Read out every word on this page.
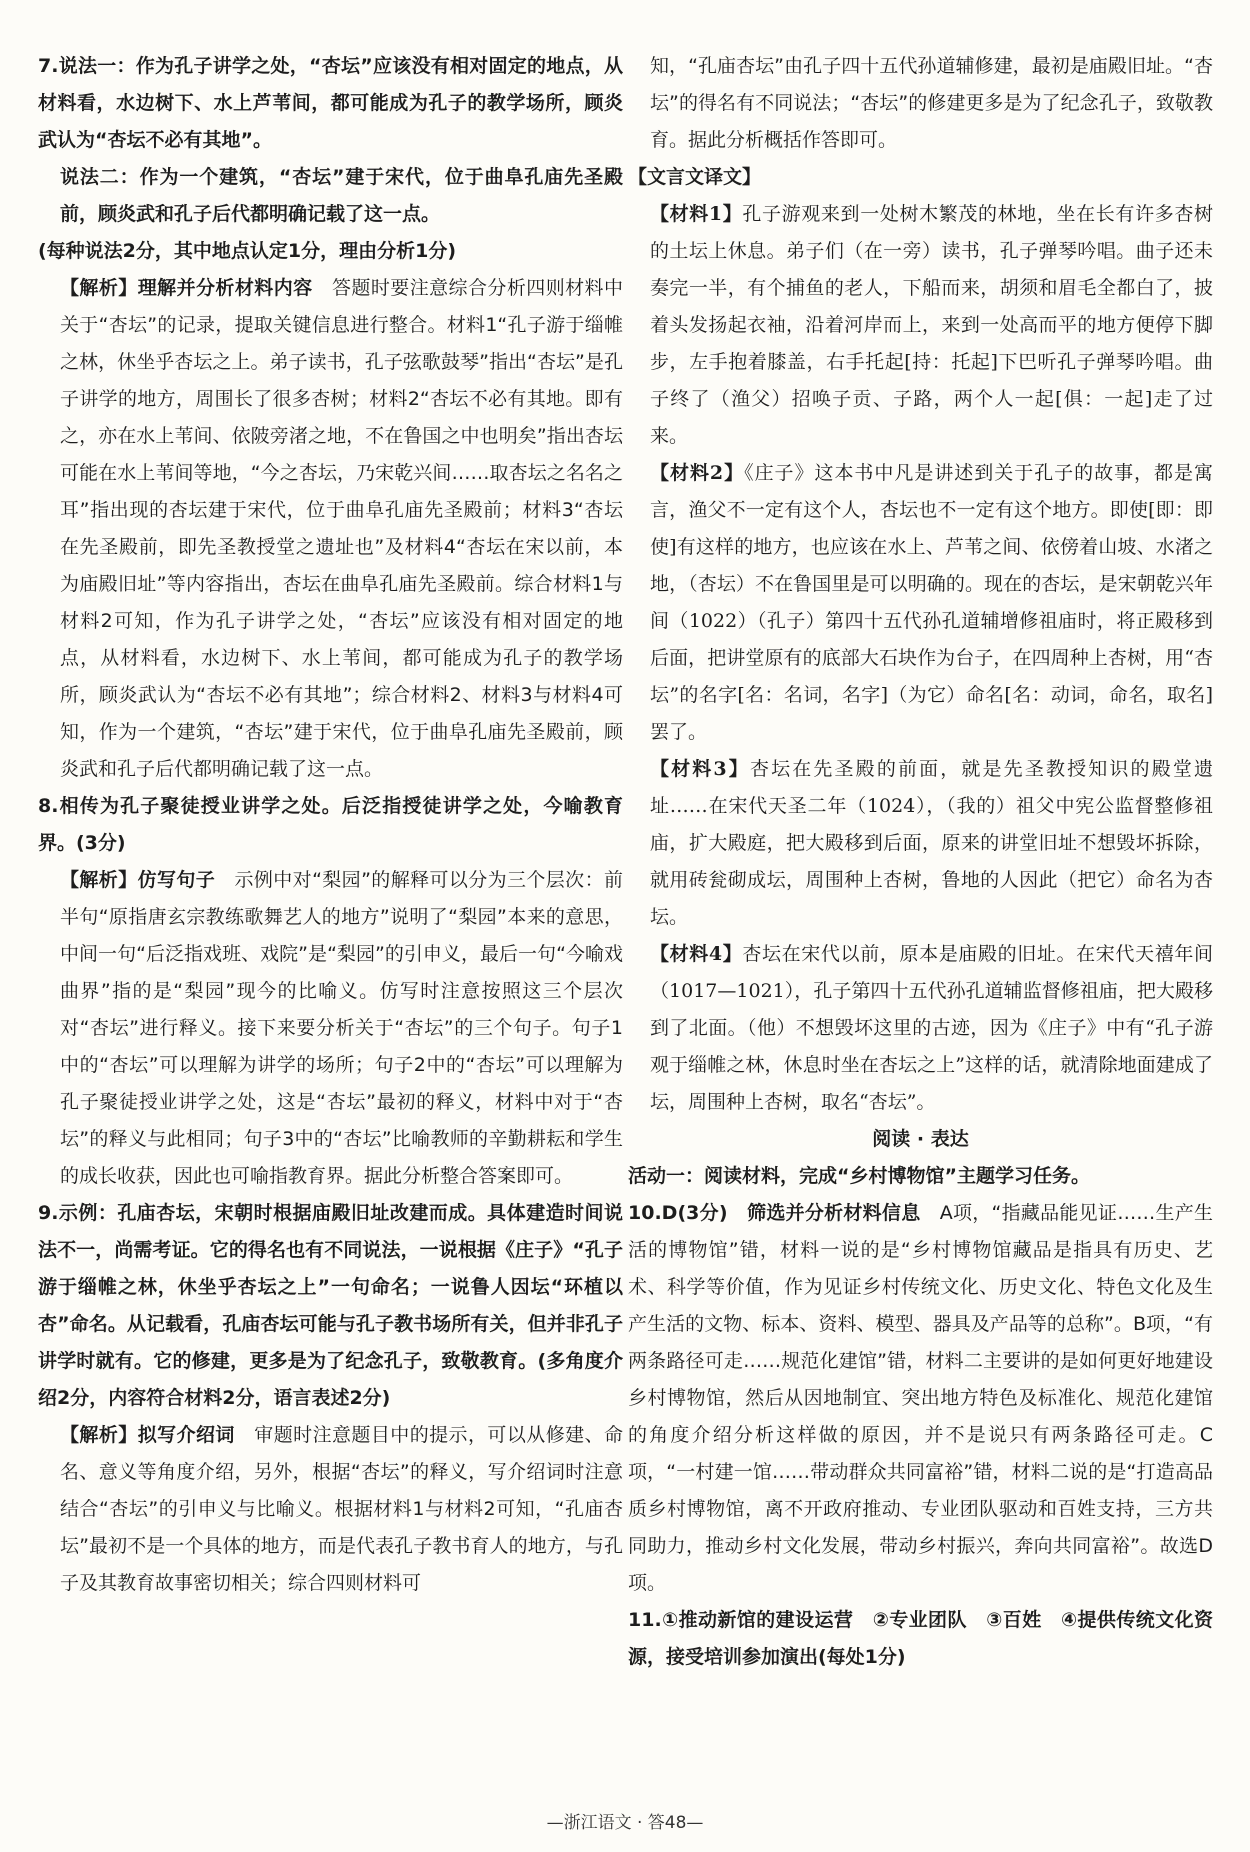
7.说法一：作为孔子讲学之处，“杏坛”应该没有相对固定的地点，从材料看，水边树下、水上芦苇间，都可能成为孔子的教学场所，顾炎武认为“杏坛不必有其地”。

说法二：作为一个建筑，“杏坛”建于宋代，位于曲阜孔庙先圣殿前，顾炎武和孔子后代都明确记载了这一点。

(每种说法2分，其中地点认定1分，理由分析1分)

【解析】理解并分析材料内容　 答题时要注意综合分析四则材料中关于“杏坛”的记录，提取关键信息进行整合。材料1“孔子游于缁帷之林，休坐乎杏坛之上。弟子读书，孔子弦歌鼓琴”指出“杏坛”是孔子讲学的地方，周围长了很多杏树；材料2“杏坛不必有其地。即有之，亦在水上苇间、依陂旁渚之地，不在鲁国之中也明矣”指出杏坛可能在水上苇间等地，“今之杏坛，乃宋乾兴间……取杏坛之名名之耳”指出现的杏坛建于宋代，位于曲阜孔庙先圣殿前；材料3“杏坛在先圣殿前，即先圣教授堂之遗址也”及材料4“杏坛在宋以前，本为庙殿旧址”等内容指出，杏坛在曲阜孔庙先圣殿前。综合材料1与材料2可知，作为孔子讲学之处，“杏坛”应该没有相对固定的地点，从材料看，水边树下、水上苇间，都可能成为孔子的教学场所，顾炎武认为“杏坛不必有其地”；综合材料2、材料3与材料4可知，作为一个建筑，“杏坛”建于宋代，位于曲阜孔庙先圣殿前，顾炎武和孔子后代都明确记载了这一点。

8.相传为孔子聚徒授业讲学之处。后泛指授徒讲学之处，今喻教育界。(3分)

【解析】仿写句子　 示例中对“梨园”的解释可以分为三个层次：前半句“原指唐玄宗教练歌舞艺人的地方”说明了“梨园”本来的意思，中间一句“后泛指戏班、戏院”是“梨园”的引申义，最后一句“今喻戏曲界”指的是“梨园”现今的比喻义。仿写时注意按照这三个层次对“杏坛”进行释义。接下来要分析关于“杏坛”的三个句子。句子1中的“杏坛”可以理解为讲学的场所；句子2中的“杏坛”可以理解为孔子聚徒授业讲学之处，这是“杏坛”最初的释义，材料中对于“杏坛”的释义与此相同；句子3中的“杏坛”比喻教师的辛勤耕耘和学生的成长收获，因此也可喻指教育界。据此分析整合答案即可。

9.示例：孔庙杏坛，宋朝时根据庙殿旧址改建而成。具体建造时间说法不一，尚需考证。它的得名也有不同说法，一说根据《庄子》“孔子游于缁帷之林，休坐乎杏坛之上”一句命名；一说鲁人因坛“环植以杏”命名。从记载看，孔庙杏坛可能与孔子教书场所有关，但并非孔子讲学时就有。它的修建，更多是为了纪念孔子，致敬教育。(多角度介绍2分，内容符合材料2分，语言表述2分)

【解析】拟写介绍词　 审题时注意题目中的提示，可以从修建、命名、意义等角度介绍，另外，根据“杏坛”的释义，写介绍词时注意结合“杏坛”的引申义与比喻义。根据材料1与材料2可知，“孔庙杏坛”最初不是一个具体的地方，而是代表孔子教书育人的地方，与孔子及其教育故事密切相关；综合四则材料可

知，“孔庙杏坛”由孔子四十五代孙道辅修建，最初是庙殿旧址。“杏坛”的得名有不同说法；“杏坛”的修建更多是为了纪念孔子，致敬教育。据此分析概括作答即可。

【文言文译文】

【材料1】孔子游观来到一处树木繁茂的林地，坐在长有许多杏树的土坛上休息。弟子们（在一旁）读书，孔子弹琴吟唱。曲子还未奏完一半，有个捕鱼的老人，下船而来，胡须和眉毛全都白了，披着头发扬起衣袖，沿着河岸而上，来到一处高而平的地方便停下脚步，左手抱着膝盖，右手托起[持：托起]下巴听孔子弹琴吟唱。曲子终了（渔父）招唤子贡、子路，两个人一起[俱：一起]走了过来。

【材料2】《庄子》这本书中凡是讲述到关于孔子的故事，都是寓言，渔父不一定有这个人，杏坛也不一定有这个地方。即使[即：即使]有这样的地方，也应该在水上、芦苇之间、依傍着山坡、水渚之地，（杏坛）不在鲁国里是可以明确的。现在的杏坛，是宋朝乾兴年间（1022）（孔子）第四十五代孙孔道辅增修祖庙时，将正殿移到后面，把讲堂原有的底部大石块作为台子，在四周种上杏树，用“杏坛”的名字[名：名词，名字]（为它）命名[名：动词，命名，取名]罢了。

【材料3】杏坛在先圣殿的前面，就是先圣教授知识的殿堂遗址……在宋代天圣二年（1024），（我的）祖父中宪公监督整修祖庙，扩大殿庭，把大殿移到后面，原来的讲堂旧址不想毁坏拆除，就用砖瓮砌成坛，周围种上杏树，鲁地的人因此（把它）命名为杏坛。

【材料4】杏坛在宋代以前，原本是庙殿的旧址。在宋代天禧年间（1017—1021），孔子第四十五代孙孔道辅监督修祖庙，把大殿移到了北面。（他）不想毁坏这里的古迹，因为《庄子》中有“孔子游观于缁帷之林，休息时坐在杏坛之上”这样的话，就清除地面建成了坛，周围种上杏树，取名“杏坛”。

阅读 · 表达

活动一：阅读材料，完成“乡村博物馆”主题学习任务。

10.D(3分)　 筛选并分析材料信息　 A项，“指藏品能见证……生产生活的博物馆”错，材料一说的是“乡村博物馆藏品是指具有历史、艺术、科学等价值，作为见证乡村传统文化、历史文化、特色文化及生产生活的文物、标本、资料、模型、器具及产品等的总称”。B项，“有两条路径可走……规范化建馆”错，材料二主要讲的是如何更好地建设乡村博物馆，然后从因地制宜、突出地方特色及标准化、规范化建馆的角度介绍分析这样做的原因，并不是说只有两条路径可走。C项，“一村建一馆……带动群众共同富裕”错，材料二说的是“打造高品质乡村博物馆，离不开政府推动、专业团队驱动和百姓支持，三方共同助力，推动乡村文化发展，带动乡村振兴，奔向共同富裕”。故选D项。

11.①推动新馆的建设运营　②专业团队　③百姓　④提供传统文化资源，接受培训参加演出(每处1分)

—浙江语文 · 答48—
